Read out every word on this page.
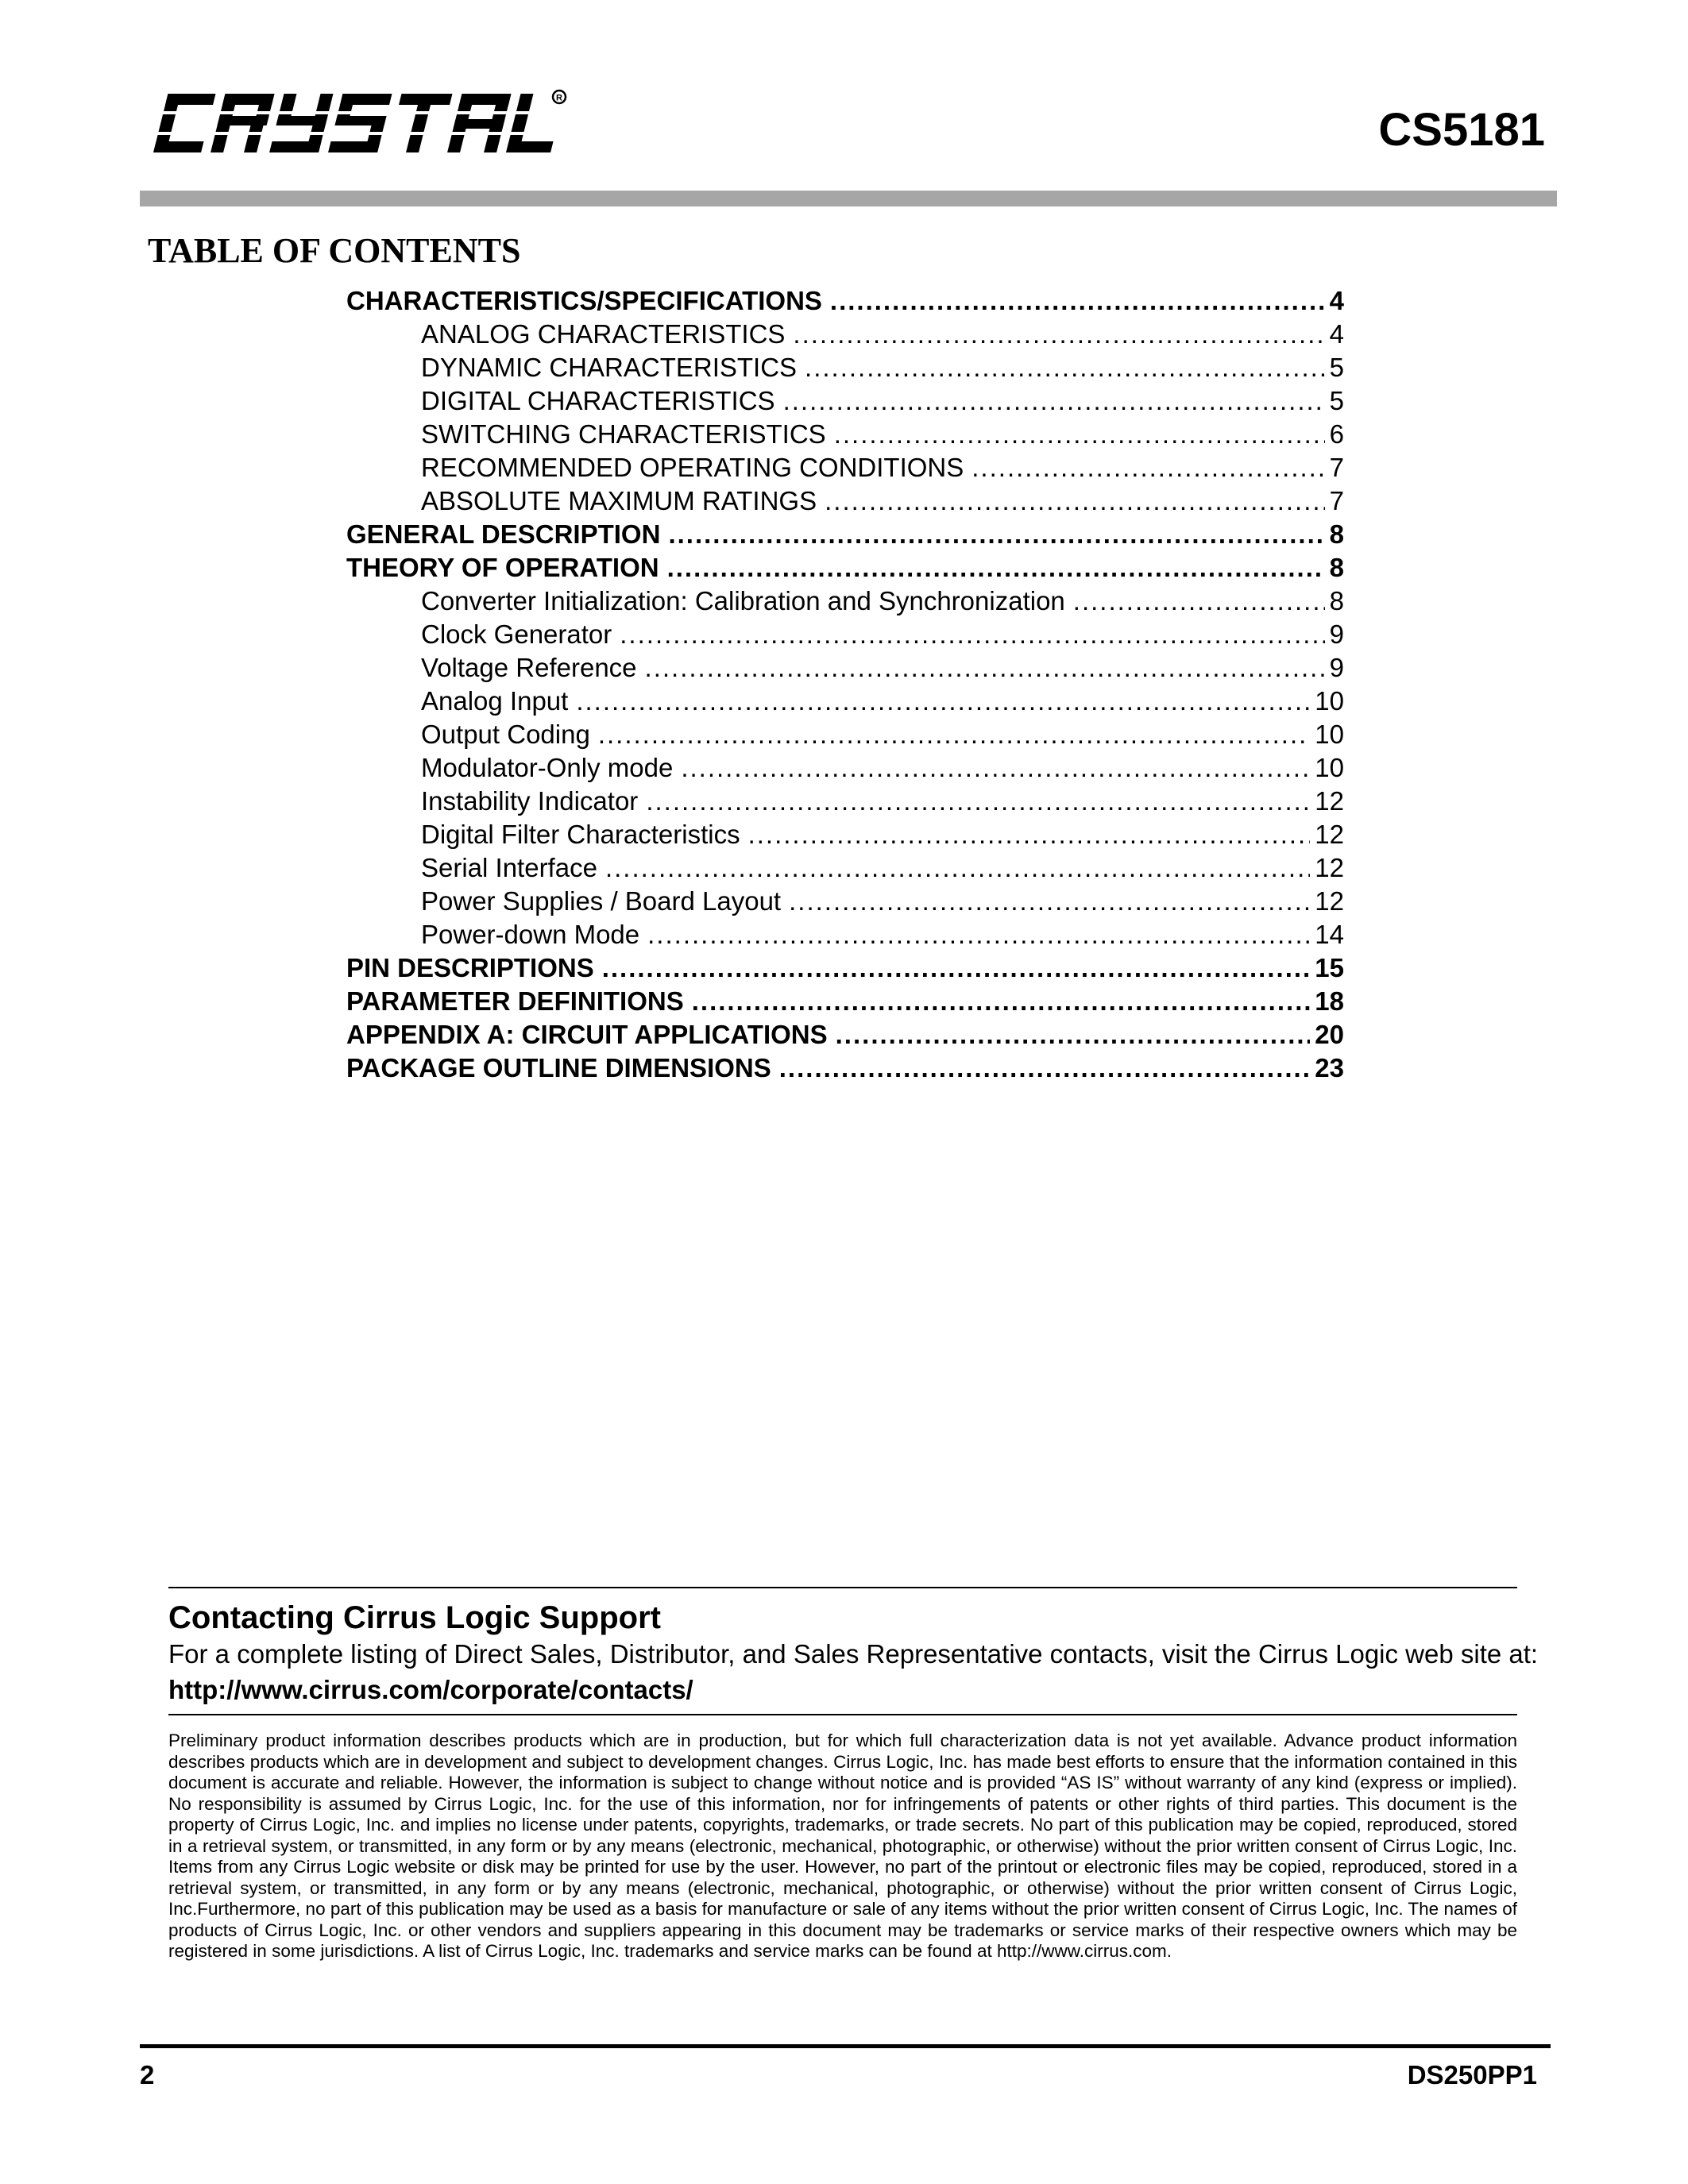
R
CS5181
TABLE OF CONTENTS
CHARACTERISTICS/SPECIFICATIONS .....	4
ANALOG CHARACTERISTICS .....	4
DYNAMIC CHARACTERISTICS .....	5
DIGITAL CHARACTERISTICS .....	5
SWITCHING CHARACTERISTICS .....	6
RECOMMENDED OPERATING CONDITIONS .....	7
ABSOLUTE MAXIMUM RATINGS .....	7
GENERAL DESCRIPTION .....	8
THEORY OF OPERATION .....	8
Converter Initialization: Calibration and Synchronization .....	8
Clock Generator .....	9
Voltage Reference .....	9
Analog Input .....	10
Output Coding .....	10
Modulator-Only mode .....	10
Instability Indicator .....	12
Digital Filter Characteristics .....	12
Serial Interface .....	12
Power Supplies / Board Layout .....	12
Power-down Mode .....	14
PIN DESCRIPTIONS .....	15
PARAMETER DEFINITIONS .....	18
APPENDIX A: CIRCUIT APPLICATIONS .....	20
PACKAGE OUTLINE DIMENSIONS .....	23
Contacting Cirrus Logic Support
For a complete listing of Direct Sales, Distributor, and Sales Representative contacts, visit the Cirrus Logic web site at:
http://www.cirrus.com/corporate/contacts/
Preliminary product information describes products which are in production, but for which full characterization data is not yet available. Advance product information describes products which are in development and subject to development changes. Cirrus Logic, Inc. has made best efforts to ensure that the information contained in this document is accurate and reliable. However, the information is subject to change without notice and is provided “AS IS” without warranty of any kind (express or implied). No responsibility is assumed by Cirrus Logic, Inc. for the use of this information, nor for infringements of patents or other rights of third parties. This document is the property of Cirrus Logic, Inc. and implies no license under patents, copyrights, trademarks, or trade secrets. No part of this publication may be copied, reproduced, stored in a retrieval system, or transmitted, in any form or by any means (electronic, mechanical, photographic, or otherwise) without the prior written consent of Cirrus Logic, Inc. Items from any Cirrus Logic website or disk may be printed for use by the user. However, no part of the printout or electronic files may be copied, reproduced, stored in a retrieval system, or transmitted, in any form or by any means (electronic, mechanical, photographic, or otherwise) without the prior written consent of Cirrus Logic, Inc.Furthermore, no part of this publication may be used as a basis for manufacture or sale of any items without the prior written consent of Cirrus Logic, Inc. The names of products of Cirrus Logic, Inc. or other vendors and suppliers appearing in this document may be trademarks or service marks of their respective owners which may be registered in some jurisdictions. A list of Cirrus Logic, Inc. trademarks and service marks can be found at http://www.cirrus.com.
2	DS250PP1
